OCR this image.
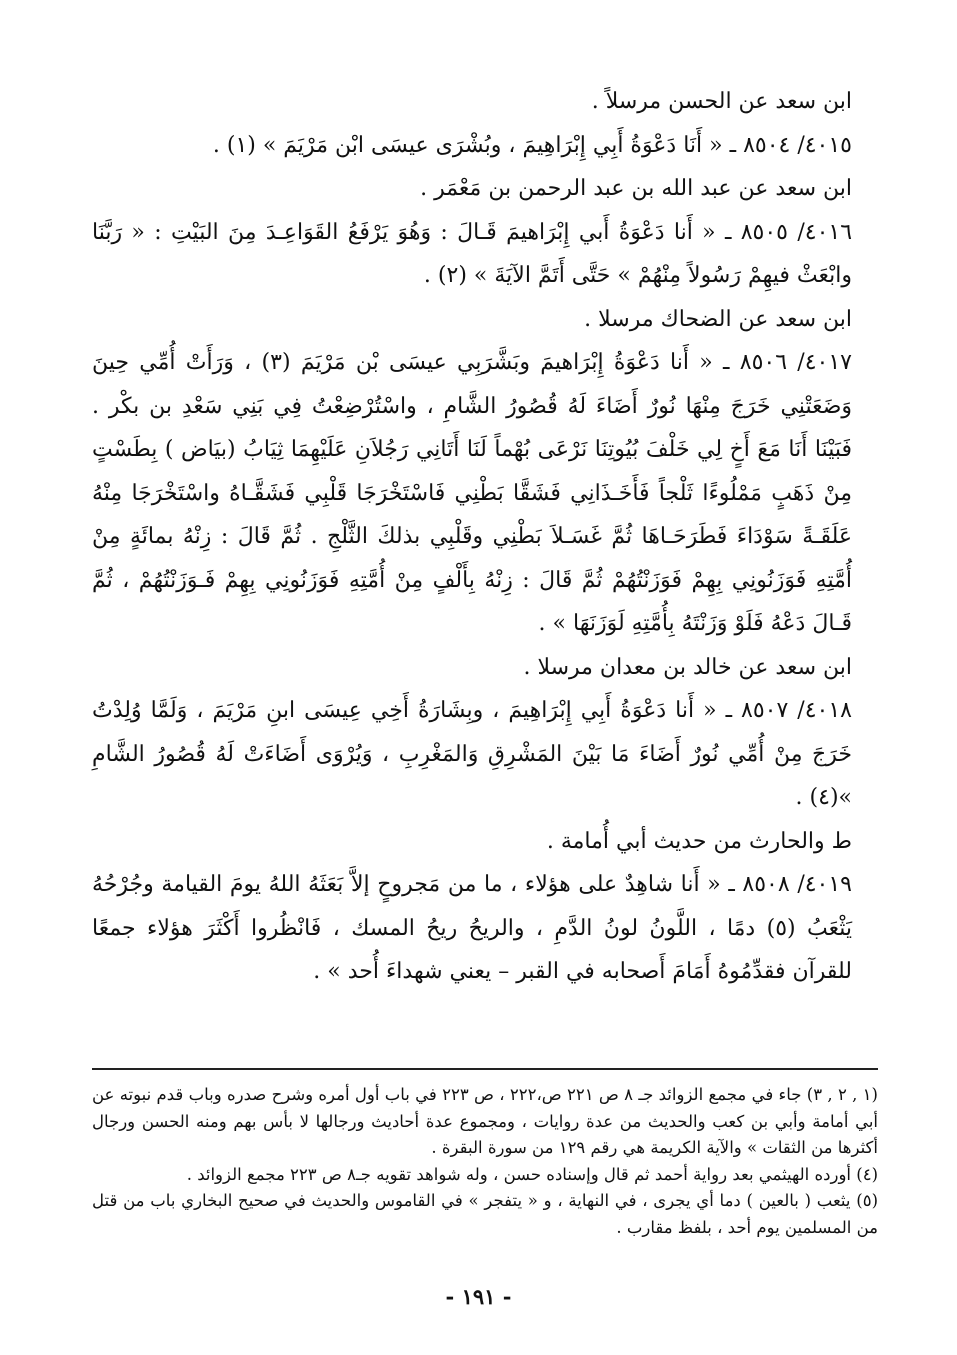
ابن سعد عن الحسن مرسلاً .

٤٠١٥/ ٨٥٠٤ ـ « أَنَا دَعْوَةُ أَبِي إِبْرَاهِيمَ ، وبُشْرَى عيسَى ابْن مَرْيَمَ » (١) .

ابن سعد عن عبد الله بن عبد الرحمن بن مَعْمَر .

٤٠١٦/ ٨٥٠٥ ـ « أَنا دَعْوَةُ أَبي إِبْرَاهيمَ قَـالَ : وَهُوَ يَرْفَعُ القَوَاعِـدَ مِنَ البَيْتِ : « رَبَّنَا وابْعَثْ فيهِمْ رَسُولاً مِنْهُمْ » حَتَّى أَتَمَّ الآيَةَ » (٢) .

ابن سعد عن الضحاك مرسلا .

٤٠١٧/ ٨٥٠٦ ـ « أَنا دَعْوَةُ إِبْرَاهيمَ وبَشَّرَبِي عيسَى بْن مَرْيَمَ (٣) ، وَرَأَتْ أُمِّي حِينَ وَضَعَتْنِي خَرَجَ مِنْهَا نُورٌ أَضَاءَ لَهُ قُصُورُ الشَّامِ ، واسْتُرْضِعْتُ فِي بَنِي سَعْدِ بن بكْر . فَبَيْنَا أَنَا مَعَ أَخٍ لِي خَلْفَ بُيُوتِنَا نَرْعَى بُهْماً لَنَا أَتَانِي رَجُلاَنِ عَلَيْهِمَا ثِيَابُ (بيَاض ) بِطَسْتٍ مِنْ ذَهَبٍ مَمْلُوءًا ثَلْجاً فَأَخَـذَانِي فَشَقَّا بَطْنِي فَاسْتَخْرَجَا قَلْبِي فَشَقَّـاهُ واسْتَخْرَجَا مِنْهُ عَلَقَـةً سَوْدَاءَ فَطَرَحَـاهَا ثُمَّ غَسَـلاَ بَطْنِي وقَلْبِي بذلكَ الثَّلْجِ . ثُمَّ قَالَ : زِنْهُ بمائَةٍ مِنْ أُمَّتِهِ فَوَزَنُونِي بِهِمْ فَوَزَنْتُهُمْ ثُمَّ قَالَ : زِنْهُ بِأَلْفٍ مِنْ أُمَّتِهِ فَوَزَنُونِي بِهِمْ فَـوَزَنْتُهُمْ ، ثُمَّ قَـالَ دَعْهُ فَلَوْ وَزَنْتَهُ بِأُمَّتِهِ لَوَزَنَهَا » .

ابن سعد عن خالد بن معدان مرسلا .

٤٠١٨/ ٨٥٠٧ ـ « أَنا دَعْوَةُ أَبِي إِبْرَاهِيمَ ، وبِشَارَةُ أَخِي عِيسَى ابنِ مَرْيَمَ ، وَلَمَّا وُلِدْتُ خَرَجَ مِنْ أُمِّي نُورٌ أَضَاءَ مَا بَيْنَ المَشْرِقِ وَالمَغْرِبِ ، وَيُرْوَى أَضَاءَتْ لَهُ قُصُورُ الشَّامِ »(٤) .

ط والحارث من حديث أبي أُمامة .

٤٠١٩/ ٨٥٠٨ ـ « أَنا شاهِدٌ على هؤلاء ، ما من مَجروحٍ إلاَّ بَعَثَهُ اللهُ يومَ القيامة وجُرْحُهُ يَثْعَبُ (٥) دمًا ، اللَّونُ لونُ الدَّمِ ، والريحُ ريحُ المسك ، فَانْظُروا أَكْثَرَ هؤلاء جمعًا للقرآن فقدِّمُوهُ أَمَامَ أَصحابه في القبر – يعني شهداءَ أُحد » .

(١ , ٢ , ٣) جاء في مجمع الزوائد جـ ٨ ص ٢٢١ ص،٢٢٢ ، ص ٢٢٣ في باب أول أمره وشرح صدره وباب قدم نبوته عن أبي أمامة وأبي بن كعب والحديث من عدة روايات ، ومجموع عدة أحاديث ورجالها لا بأس بهم ومنه الحسن ورجال أكثرها من الثقات » والآية الكريمة هي رقم ١٢٩ من سورة البقرة .

(٤) أورده الهيثمي بعد رواية أحمد ثم قال وإسناده حسن ، وله شواهد تقويه جـ٨ ص ٢٢٣ مجمع الزوائد .

(٥) يثعب ( بالعين ) دما أي يجرى ، في النهاية ، و « يتفجر » في القاموس والحديث في صحيح البخاري باب من قتل من المسلمين يوم أحد ، بلفظ مقارب .

- ١٩١ -
